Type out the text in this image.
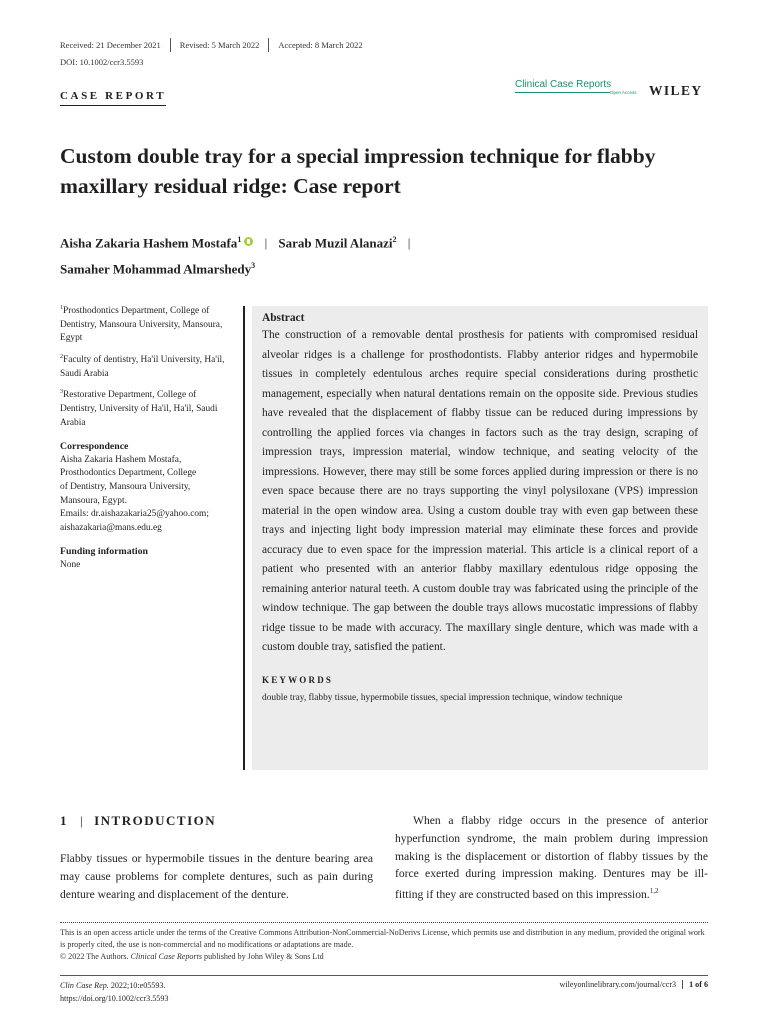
Received: 21 December 2021	Revised: 5 March 2022	Accepted: 8 March 2022
DOI: 10.1002/ccr3.5593
CASE REPORT
Clinical Case Reports
Open Access WILEY
Custom double tray for a special impression technique for flabby maxillary residual ridge: Case report
Aisha Zakaria Hashem Mostafa$^1$ | Sarab Muzil Alanazi$^2$ |
Samaher Mohammad Almarshedy$^3$
$^1$Prosthodontics Department, College of Dentistry, Mansoura University, Mansoura, Egypt
$^2$Faculty of dentistry, Ha'il University, Ha'il, Saudi Arabia
$^3$Restorative Department, College of Dentistry, University of Ha'il, Ha'il, Saudi Arabia
Correspondence
Aisha Zakaria Hashem Mostafa,
Prosthodontics Department, College
of Dentistry, Mansoura University,
Mansoura, Egypt.
Emails: dr.aishazakaria25@yahoo.com;
aishazakaria@mans.edu.eg
Funding information
None
Abstract

The construction of a removable dental prosthesis for patients with compromised residual alveolar ridges is a challenge for prosthodontists. Flabby anterior ridges and hypermobile tissues in completely edentulous arches require special considerations during prosthetic management, especially when natural dentations remain on the opposite side. Previous studies have revealed that the displacement of flabby tissue can be reduced during impressions by controlling the applied forces via changes in factors such as the tray design, scraping of impression trays, impression material, window technique, and seating velocity of the impressions. However, there may still be some forces applied during impression or there is no even space because there are no trays supporting the vinyl polysiloxane (VPS) impression material in the open window area. Using a custom double tray with even gap between these trays and injecting light body impression material may eliminate these forces and provide accuracy due to even space for the impression material. This article is a clinical report of a patient who presented with an anterior flabby maxillary edentulous ridge opposing the remaining anterior natural teeth. A custom double tray was fabricated using the principle of the window technique. The gap between the double trays allows mucostatic impressions of flabby ridge tissue to be made with accuracy. The maxillary single denture, which was made with a custom double tray, satisfied the patient.

KEYWORDS
double tray, flabby tissue, hypermobile tissues, special impression technique, window technique
1 | INTRODUCTION

Flabby tissues or hypermobile tissues in the denture bearing area may cause problems for complete dentures, such as pain during denture wearing and displacement of the denture.

When a flabby ridge occurs in the presence of anterior hyperfunction syndrome, the main problem during impression making is the displacement or distortion of flabby tissues by the force exerted during impression making. Dentures may be ill-fitting if they are constructed based on this impression.$^{1,2}$

This is an open access article under the terms of the Creative Commons Attribution-NonCommercial-NoDerivs License, which permits use and distribution in any medium, provided the original work is properly cited, the use is non-commercial and no modifications or adaptations are made.
© 2022 The Authors. Clinical Case Reports published by John Wiley & Sons Ltd
Clin Case Rep. 2022;10:e05593.
https://doi.org/10.1002/ccr3.5593
wileyonlinelibrary.com/journal/ccr3	1 of 6
